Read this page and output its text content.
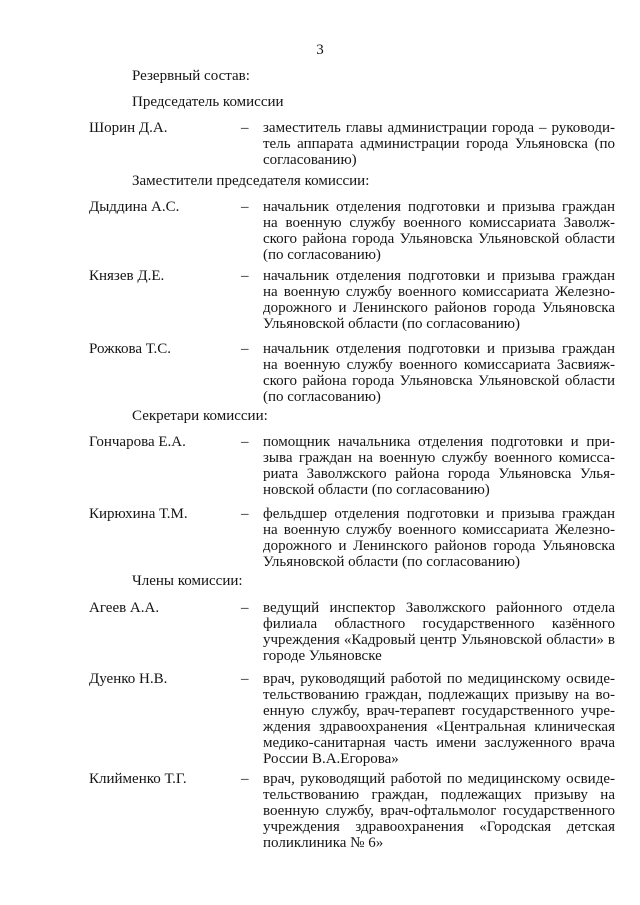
3
Резервный состав:
Председатель комиссии
Шорин Д.А.	– заместитель главы администрации города – руководитель аппарата администрации города Ульяновска (по согласованию)
Заместители председателя комиссии:
Дыддина А.С.	– начальник отделения подготовки и призыва граждан на военную службу военного комиссариата Заволжского района города Ульяновска Ульяновской области (по согласованию)
Князев Д.Е.	– начальник отделения подготовки и призыва граждан на военную службу военного комиссариата Железнодорожного и Ленинского районов города Ульяновска Ульяновской области (по согласованию)
Рожкова Т.С.	– начальник отделения подготовки и призыва граждан на военную службу военного комиссариата Засвияжского района города Ульяновска Ульяновской области (по согласованию)
Секретари комиссии:
Гончарова Е.А.	– помощник начальника отделения подготовки и призыва граждан на военную службу военного комиссариата Заволжского района города Ульяновска Ульяновской области (по согласованию)
Кирюхина Т.М.	– фельдшер отделения подготовки и призыва граждан на военную службу военного комиссариата Железнодорожного и Ленинского районов города Ульяновска Ульяновской области (по согласованию)
Члены комиссии:
Агеев А.А.	– ведущий инспектор Заволжского районного отдела филиала областного государственного казённого учреждения «Кадровый центр Ульяновской области» в городе Ульяновске
Дуенко Н.В.	– врач, руководящий работой по медицинскому освидетельствованию граждан, подлежащих призыву на военную службу, врач-терапевт государственного учреждения здравоохранения «Центральная клиническая медико-санитарная часть имени заслуженного врача России В.А.Егорова»
Клийменко Т.Г.	– врач, руководящий работой по медицинскому освидетельствованию граждан, подлежащих призыву на военную службу, врач-офтальмолог государственного учреждения здравоохранения «Городская детская поликлиника № 6»
